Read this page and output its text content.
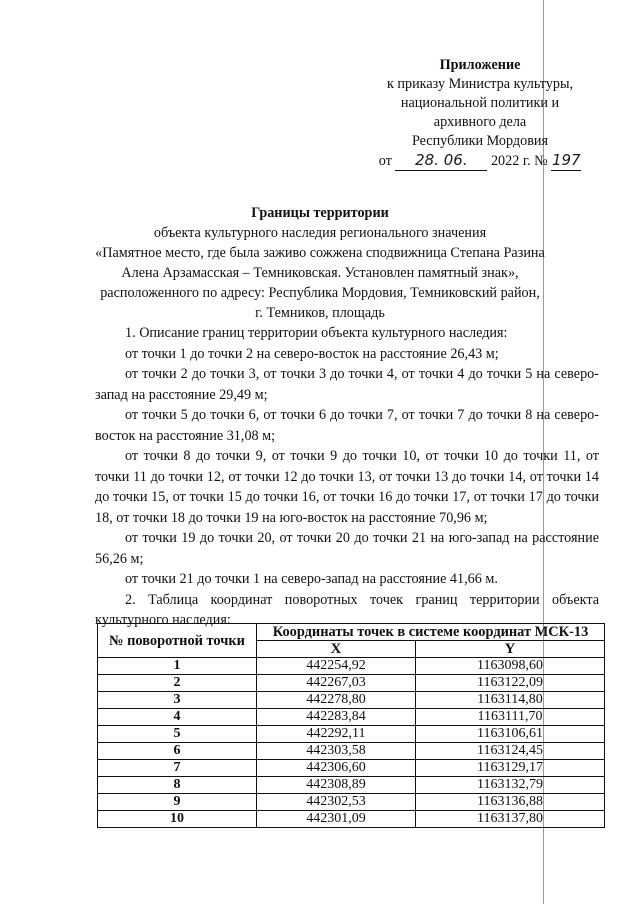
Приложение
к приказу Министра культуры,
национальной политики и
архивного дела
Республики Мордовия
от 28. 06. 2022 г. № 197
Границы территории
объекта культурного наследия регионального значения
«Памятное место, где была заживо сожжена сподвижница Степана Разина
Алена Арзамасская – Темниковская. Установлен памятный знак»,
расположенного по адресу: Республика Мордовия, Темниковский район,
г. Темников, площадь

1. Описание границ территории объекта культурного наследия:

от точки 1 до точки 2 на северо-восток на расстояние 26,43 м;

от точки 2 до точки 3, от точки 3 до точки 4, от точки 4 до точки 5 на северо-запад на расстояние 29,49 м;

от точки 5 до точки 6, от точки 6 до точки 7, от точки 7 до точки 8 на северо-восток на расстояние 31,08 м;

от точки 8 до точки 9, от точки 9 до точки 10, от точки 10 до точки 11, от точки 11 до точки 12, от точки 12 до точки 13, от точки 13 до точки 14, от точки 14 до точки 15, от точки 15 до точки 16, от точки 16 до точки 17, от точки 17 до точки 18, от точки 18 до точки 19 на юго-восток на расстояние 70,96 м;

от точки 19 до точки 20, от точки 20 до точки 21 на юго-запад на расстояние 56,26 м;

от точки 21 до точки 1 на северо-запад на расстояние 41,66 м.

2. Таблица координат поворотных точек границ территории объекта культурного наследия:

№ поворотной точки	Координаты точек в системе координат МСК-13	
	X	Y
1	442254,92	1163098,60
2	442267,03	1163122,09
3	442278,80	1163114,80
4	442283,84	1163111,70
5	442292,11	1163106,61
6	442303,58	1163124,45
7	442306,60	1163129,17
8	442308,89	1163132,79
9	442302,53	1163136,88
10	442301,09	1163137,80
